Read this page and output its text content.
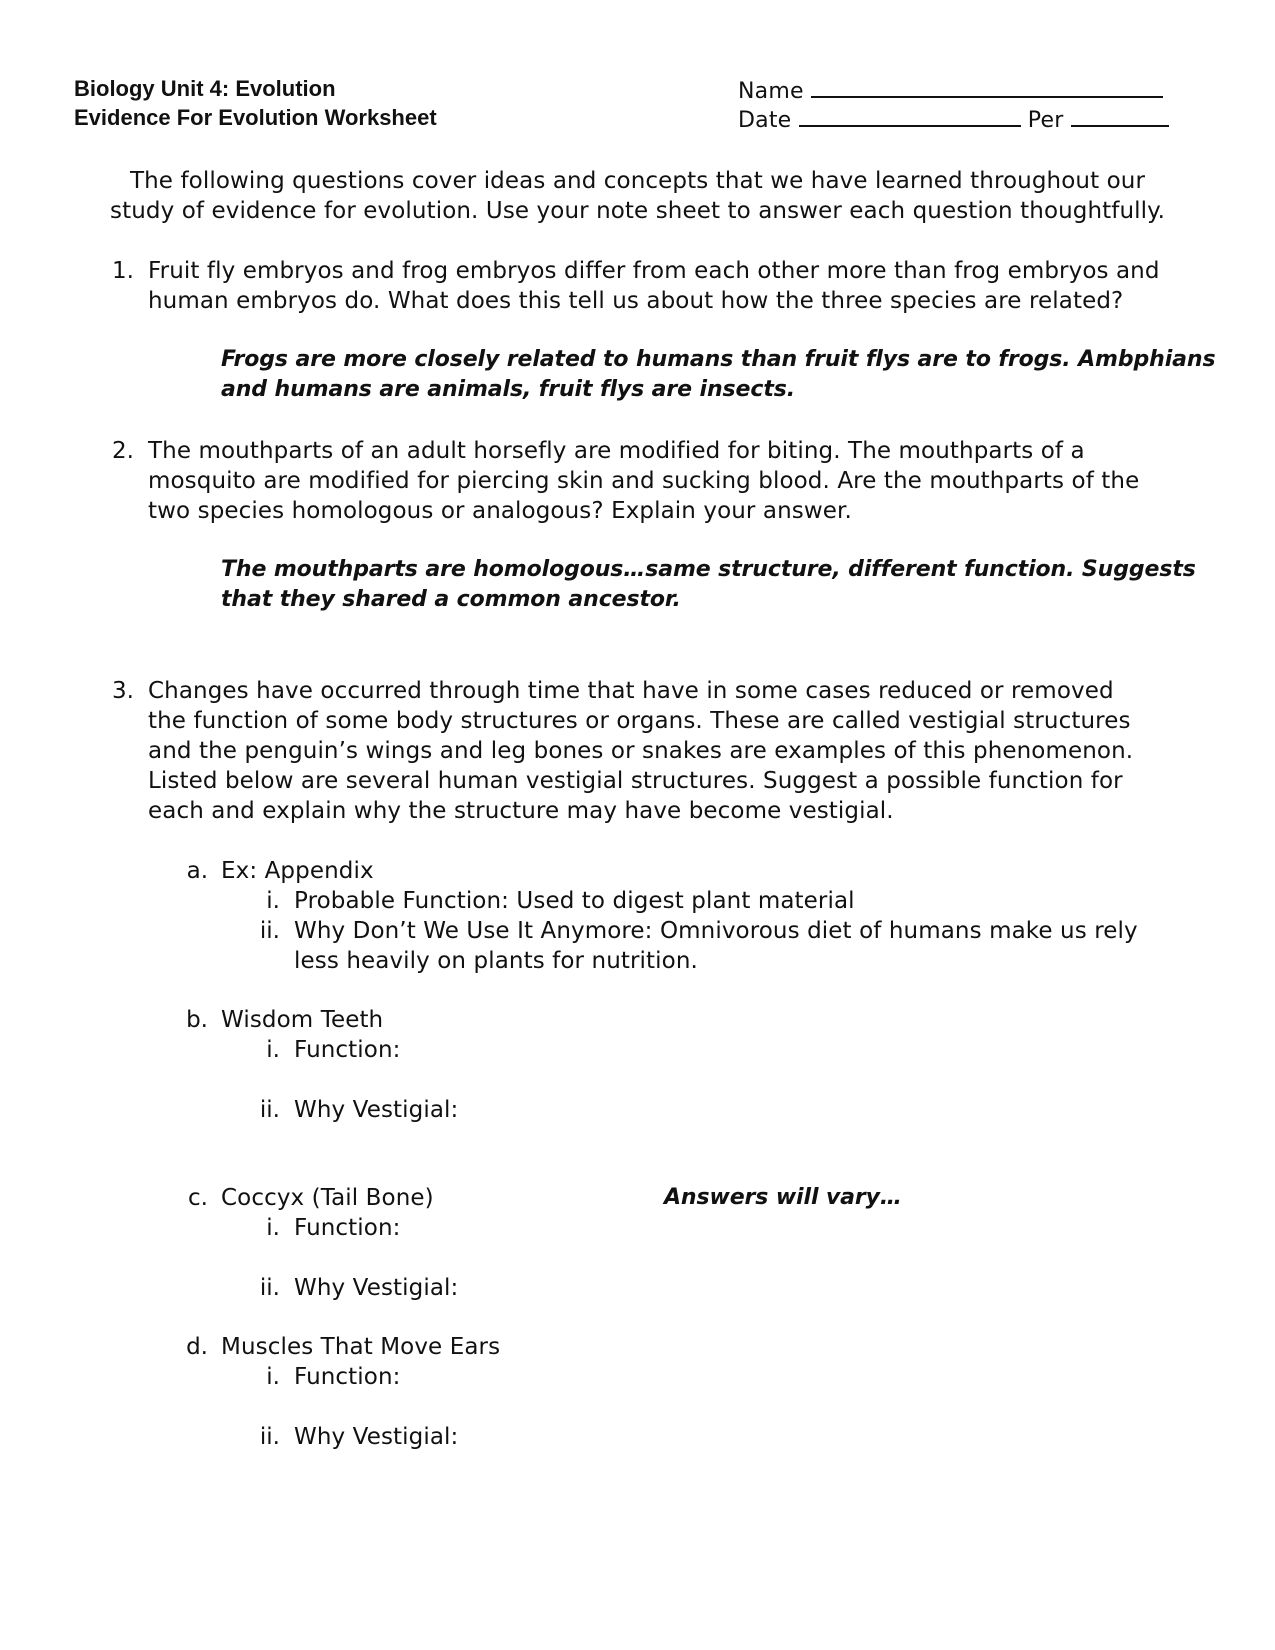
Biology Unit 4: Evolution
Evidence For Evolution Worksheet
Name
Date	Per
The following questions cover ideas and concepts that we have learned throughout our
study of evidence for evolution. Use your note sheet to answer each question thoughtfully.
1. Fruit fly embryos and frog embryos differ from each other more than frog embryos and
human embryos do. What does this tell us about how the three species are related?
Frogs are more closely related to humans than fruit flys are to frogs. Ambphians
and humans are animals, fruit flys are insects.
2. The mouthparts of an adult horsefly are modified for biting. The mouthparts of a
mosquito are modified for piercing skin and sucking blood. Are the mouthparts of the
two species homologous or analogous? Explain your answer.
The mouthparts are homologous…same structure, different function. Suggests
that they shared a common ancestor.
3. Changes have occurred through time that have in some cases reduced or removed
the function of some body structures or organs. These are called vestigial structures
and the penguin’s wings and leg bones or snakes are examples of this phenomenon.
Listed below are several human vestigial structures. Suggest a possible function for
each and explain why the structure may have become vestigial.
a. Ex: Appendix
i. Probable Function: Used to digest plant material
ii. Why Don’t We Use It Anymore: Omnivorous diet of humans make us rely
less heavily on plants for nutrition.
b. Wisdom Teeth
i. Function:
ii. Why Vestigial:
c. Coccyx (Tail Bone)	Answers will vary…
i. Function:
ii. Why Vestigial:
d. Muscles That Move Ears
i. Function:
ii. Why Vestigial:
